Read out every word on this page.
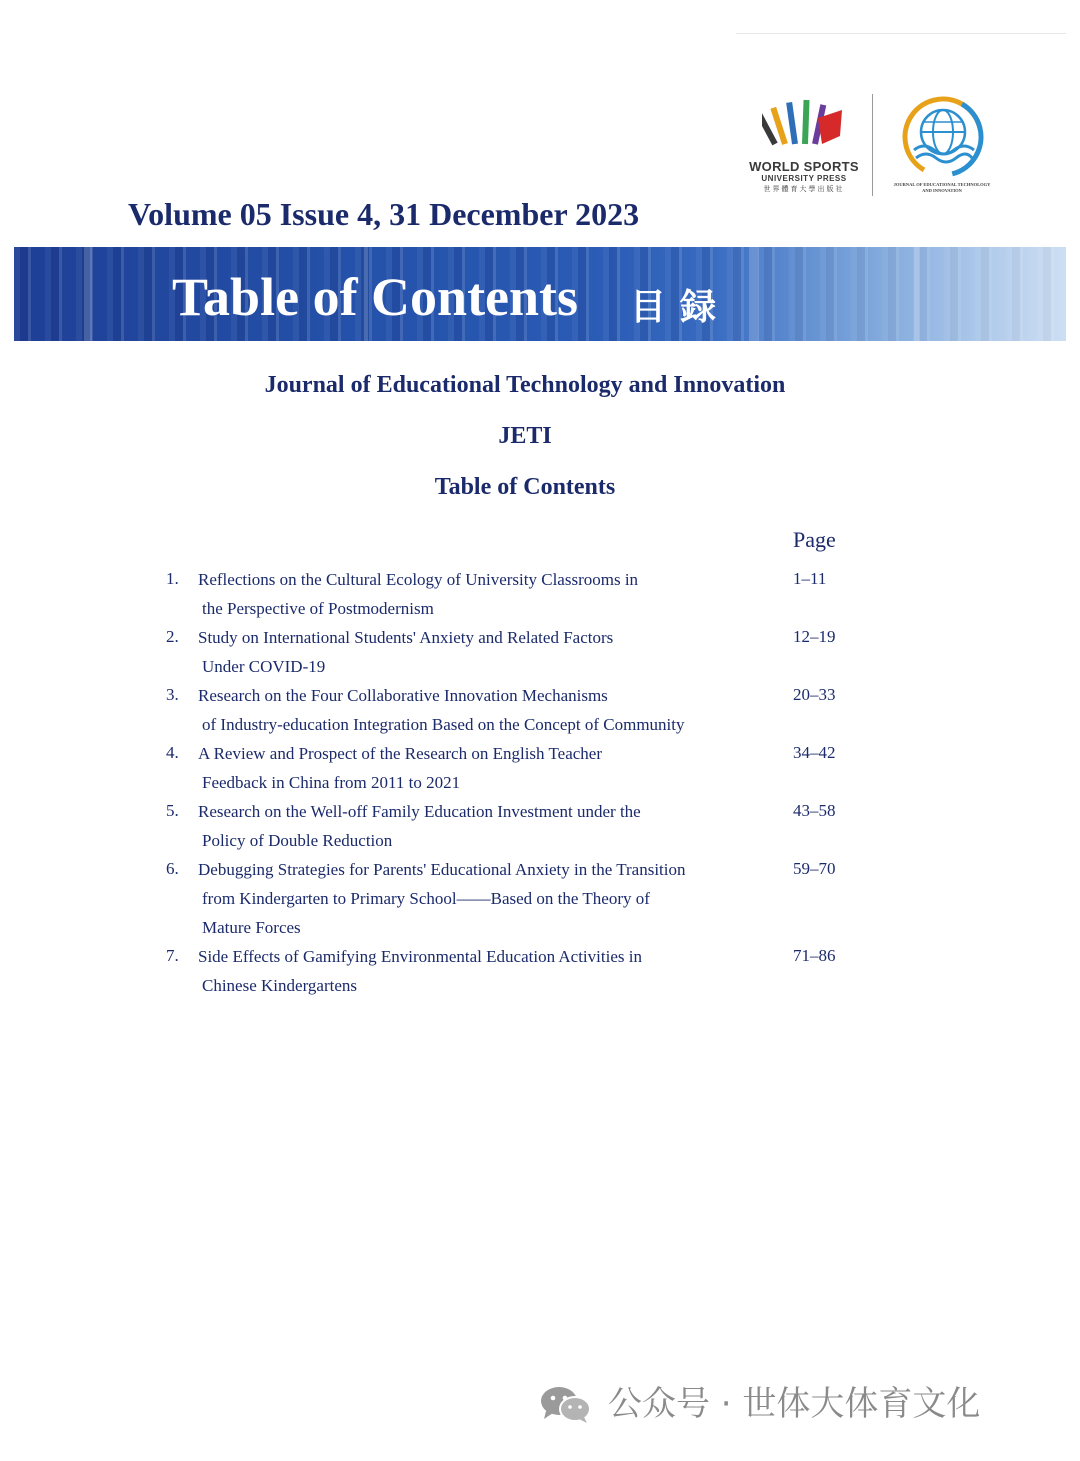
WORLD SPORTS
UNIVERSITY PRESS
世界體育大學出版社
JOURNAL OF EDUCATIONAL TECHNOLOGY
AND INNOVATION
Volume 05 Issue 4, 31 December 2023
Table of Contents 目録
Journal of Educational Technology and Innovation
JETI
Table of Contents
Page
1. Reflections on the Cultural Ecology of University Classrooms in
the Perspective of Postmodernism
1–11
2. Study on International Students' Anxiety and Related Factors
Under COVID-19
12–19
3. Research on the Four Collaborative Innovation Mechanisms
of Industry-education Integration Based on the Concept of Community
20–33
4. A Review and Prospect of the Research on English Teacher
Feedback in China from 2011 to 2021
34–42
5. Research on the Well-off Family Education Investment under the
Policy of Double Reduction
43–58
6. Debugging Strategies for Parents' Educational Anxiety in the Transition
from Kindergarten to Primary School——Based on the Theory of
Mature Forces
59–70
7. Side Effects of Gamifying Environmental Education Activities in
Chinese Kindergartens
71–86
公众号 · 世体大体育文化
